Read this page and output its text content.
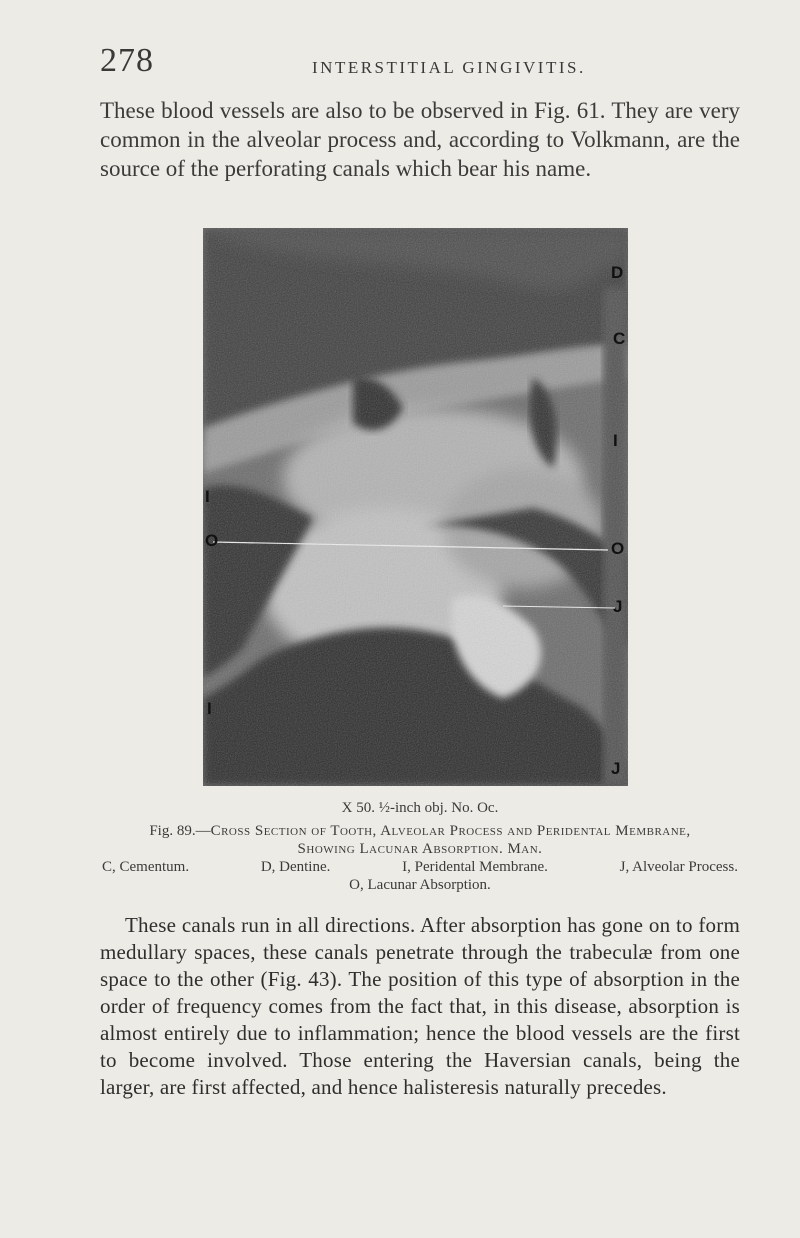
278	INTERSTITIAL GINGIVITIS.

These blood vessels are also to be observed in Fig. 61. They are very common in the alveolar process and, according to Volkmann, are the source of the perforating canals which bear his name.

D
C
I
I
O	O
J
I
J
X 50. ½-inch obj. No. Oc.

Fig. 89.—Cross Section of Tooth, Alveolar Process and Peridental Membrane,

Showing Lacunar Absorption. Man.

C, Cementum.	D, Dentine.	I, Peridental Membrane.	J, Alveolar Process.

O, Lacunar Absorption.

These canals run in all directions. After absorption has gone on to form medullary spaces, these canals penetrate through the trabeculæ from one space to the other (Fig. 43). The position of this type of absorption in the order of frequency comes from the fact that, in this disease, absorption is almost entirely due to inflammation; hence the blood vessels are the first to become involved. Those entering the Haversian canals, being the larger, are first affected, and hence halisteresis naturally precedes.
